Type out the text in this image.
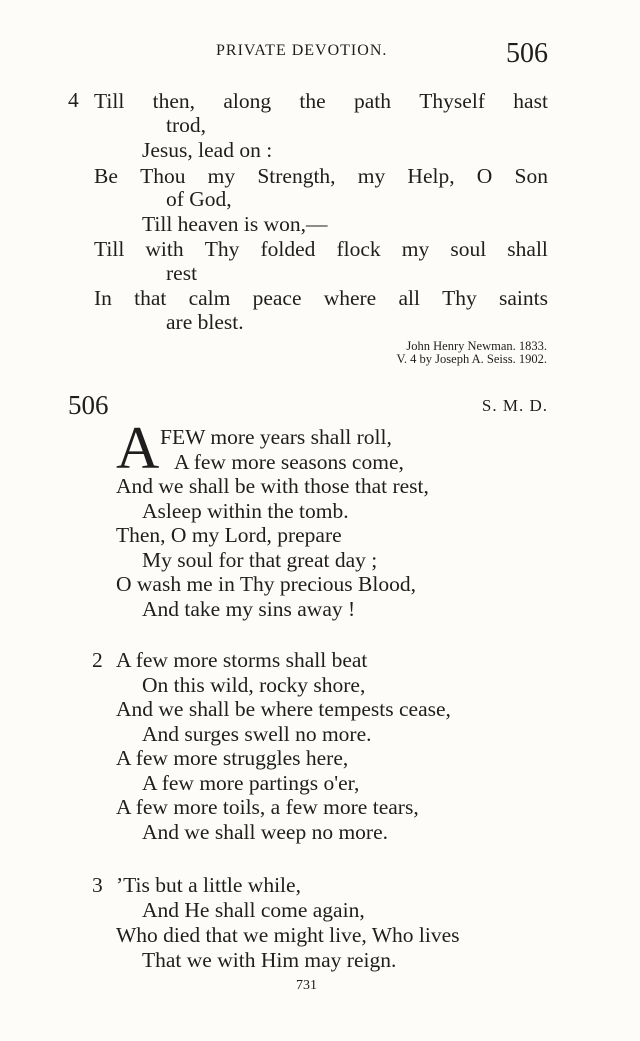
PRIVATE DEVOTION.	506
4 Till then, along the path Thyself hast
trod,
Jesus, lead on :
Be Thou my Strength, my Help, O Son
of God,
Till heaven is won,—
Till with Thy folded flock my soul shall
rest
In that calm peace where all Thy saints
are blest.
John Henry Newman. 1833.
V. 4 by Joseph A. Seiss. 1902.
506	S. M. D.
A FEW more years shall roll,
A few more seasons come,
And we shall be with those that rest,
Asleep within the tomb.
Then, O my Lord, prepare
My soul for that great day ;
O wash me in Thy precious Blood,
And take my sins away !
2 A few more storms shall beat
On this wild, rocky shore,
And we shall be where tempests cease,
And surges swell no more.
A few more struggles here,
A few more partings o'er,
A few more toils, a few more tears,
And we shall weep no more.
3 ’Tis but a little while,
And He shall come again,
Who died that we might live, Who lives
That we with Him may reign.
731
